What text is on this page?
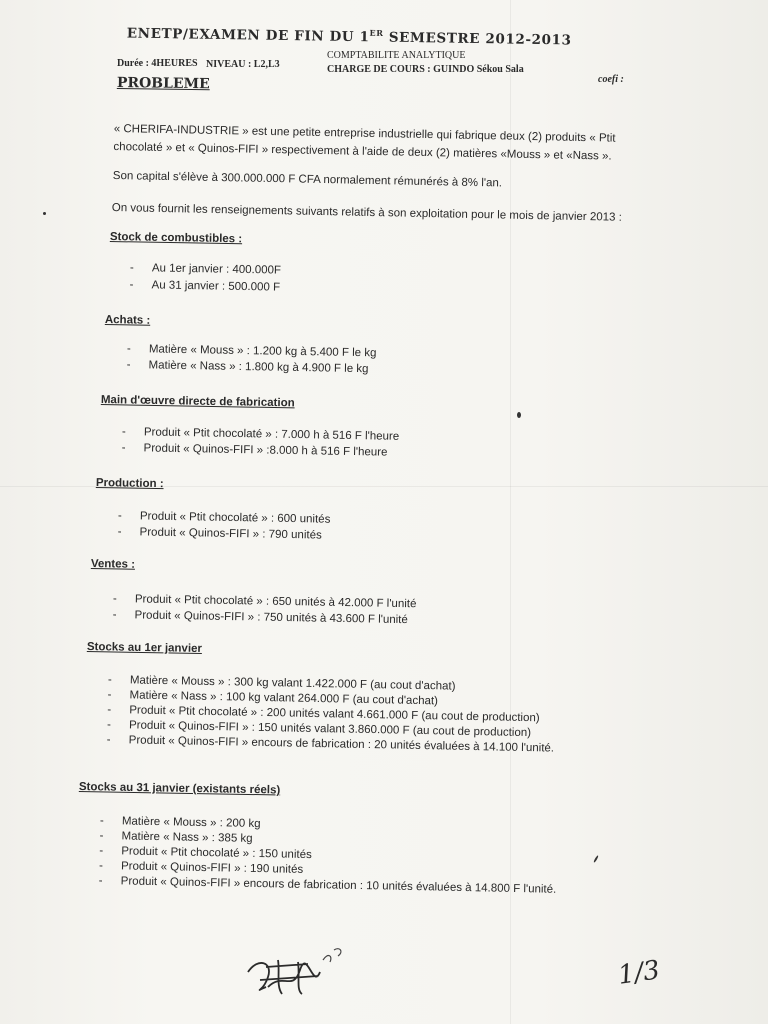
ENETP/EXAMEN DE FIN DU 1ER SEMESTRE 2012-2013
COMPTABILITE ANALYTIQUE
Durée : 4HEURES NIVEAU : L2,L3	CHARGE DE COURS : GUINDO Sékou Sala
coefi :
PROBLEME
« CHERIFA-INDUSTRIE » est une petite entreprise industrielle qui fabrique deux (2) produits « Ptit
chocolaté » et « Quinos-FIFI » respectivement à l'aide de deux (2) matières «Mouss » et «Nass ».
Son capital s'élève à 300.000.000 F CFA normalement rémunérés à 8% l'an.
On vous fournit les renseignements suivants relatifs à son exploitation pour le mois de janvier 2013 :
Stock de combustibles :
-	Au 1er janvier : 400.000F
-	Au 31 janvier : 500.000 F
Achats :
-	Matière « Mouss » : 1.200 kg à 5.400 F le kg
-	Matière « Nass » : 1.800 kg à 4.900 F le kg
Main d'œuvre directe de fabrication
-	Produit « Ptit chocolaté » : 7.000 h à 516 F l'heure
-	Produit « Quinos-FIFI » :8.000 h à 516 F l'heure
Production :
-	Produit « Ptit chocolaté » : 600 unités
-	Produit « Quinos-FIFI » : 790 unités
Ventes :
-	Produit « Ptit chocolaté » : 650 unités à 42.000 F l'unité
-	Produit « Quinos-FIFI » : 750 unités à 43.600 F l'unité
Stocks au 1er janvier
-	Matière « Mouss » : 300 kg valant 1.422.000 F (au cout d'achat)
-	Matière « Nass » : 100 kg valant 264.000 F (au cout d'achat)
-	Produit « Ptit chocolaté » : 200 unités valant 4.661.000 F (au cout de production)
-	Produit « Quinos-FIFI » : 150 unités valant 3.860.000 F (au cout de production)
-	Produit « Quinos-FIFI » encours de fabrication : 20 unités évaluées à 14.100 l'unité.
Stocks au 31 janvier (existants réels)
-	Matière « Mouss » : 200 kg
-	Matière « Nass » : 385 kg
-	Produit « Ptit chocolaté » : 150 unités
-	Produit « Quinos-FIFI » : 190 unités
-	Produit « Quinos-FIFI » encours de fabrication : 10 unités évaluées à 14.800 F l'unité.
1/3
